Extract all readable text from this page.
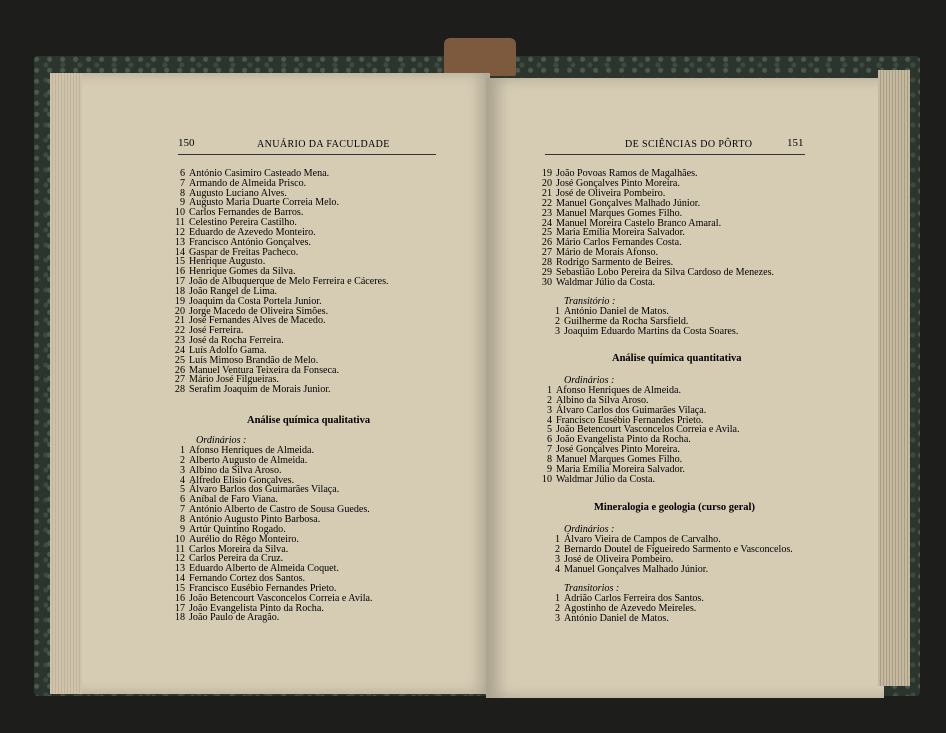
150	ANUÁRIO DA FACULDADE	DE SCIÊNCIAS DO PÔRTO	151
6 António Casimiro Casteado Mena.
7 Armando de Almeida Prisco.
8 Augusto Luciano Alves.
9 Augusto Maria Duarte Correia Melo.
10 Carlos Fernandes de Barros.
11 Celestino Pereira Castilho.
12 Eduardo de Azevedo Monteiro.
13 Francisco António Gonçalves.
14 Gaspar de Freitas Pacheco.
15 Henrique Augusto.
16 Henrique Gomes da Silva.
17 João de Albuquerque de Melo Ferreira e Cáceres.
18 João Rangel de Lima.
19 Joaquim da Costa Portela Junior.
20 Jorge Macedo de Oliveira Simões.
21 José Fernandes Alves de Macedo.
22 José Ferreira.
23 José da Rocha Ferreira.
24 Luís Adolfo Gama.
25 Luís Mimoso Brandão de Melo.
26 Manuel Ventura Teixeira da Fonseca.
27 Mário José Filgueiras.
28 Serafim Joaquim de Morais Junior.
1 Afonso Henriques de Almeida.
2 Alberto Augusto de Almeida.
3 Albino da Silva Aroso.
4 Alfredo Elísio Gonçalves.
5 Álvaro Barlos dos Guimarães Vilaça.
6 Aníbal de Faro Viana.
7 António Alberto de Castro de Sousa Guedes.
8 António Augusto Pinto Barbosa.
9 Artúr Quintino Rogado.
10 Aurélio do Rêgo Monteiro.
11 Carlos Moreira da Silva.
12 Carlos Pereira da Cruz.
13 Eduardo Alberto de Almeida Coquet.
14 Fernando Cortez dos Santos.
15 Francisco Eusébio Fernandes Prieto.
16 João Betencourt Vasconcelos Correia e Avila.
17 João Evangelista Pinto da Rocha.
18 João Paulo de Aragão.
19 João Povoas Ramos de Magalhães.
20 José Gonçalves Pinto Moreira.
21 José de Oliveira Pombeiro.
22 Manuel Gonçalves Malhado Júnior.
23 Manuel Marques Gomes Filho.
24 Manuel Moreira Castelo Branco Amaral.
25 Maria Emília Moreira Salvador.
26 Mário Carlos Fernandes Costa.
27 Mário de Morais Afonso.
28 Rodrigo Sarmento de Beires.
29 Sebastião Lobo Pereira da Silva Cardoso de Menezes.
30 Waldmar Júlio da Costa.
1 António Daniel de Matos.
2 Guilherme da Rocha Sarsfield.
3 Joaquim Eduardo Martins da Costa Soares.
1 Afonso Henriques de Almeida.
2 Albino da Silva Aroso.
3 Álvaro Carlos dos Guimarães Vilaça.
4 Francisco Eusébio Fernandes Prieto.
5 João Betencourt Vasconcelos Correia e Avila.
6 João Evangelista Pinto da Rocha.
7 José Gonçalves Pinto Moreira.
8 Manuel Marques Gomes Filho.
9 Maria Emília Moreira Salvador.
10 Waldmar Júlio da Costa.
1 Álvaro Vieira de Campos de Carvalho.
2 Bernardo Doutel de Figueiredo Sarmento e Vasconcelos.
3 José de Oliveira Pombeiro.
4 Manuel Gonçalves Malhado Júnior.
1 Adrião Carlos Ferreira dos Santos.
2 Agostinho de Azevedo Meireles.
3 António Daniel de Matos.
Análise química qualitativa
Ordinários :
Transitório :
Análise química quantitativa
Ordinários :
Mineralogia e geologia (curso geral)
Ordinários :
Transitorios :
